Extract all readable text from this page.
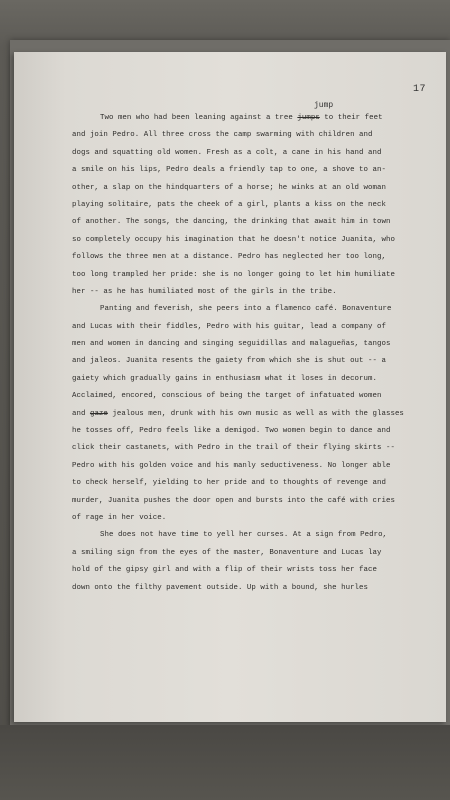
17
jump
Two men who had been leaning against a tree jumps to their feet
and join Pedro. All three cross the camp swarming with children and
dogs and squatting old women. Fresh as a colt, a cane in his hand and
a smile on his lips, Pedro deals a friendly tap to one, a shove to an-
other, a slap on the hindquarters of a horse; he winks at an old woman
playing solitaire, pats the cheek of a girl, plants a kiss on the neck
of another. The songs, the dancing, the drinking that await him in town
so completely occupy his imagination that he doesn't notice Juanita, who
follows the three men at a distance. Pedro has neglected her too long,
too long trampled her pride: she is no longer going to let him humiliate
her -- as he has humiliated most of the girls in the tribe.
Panting and feverish, she peers into a flamenco café. Bonaventure
and Lucas with their fiddles, Pedro with his guitar, lead a company of
men and women in dancing and singing seguidillas and malagueñas, tangos
and jaleos. Juanita resents the gaiety from which she is shut out -- a
gaiety which gradually gains in enthusiasm what it loses in decorum.
Acclaimed, encored, conscious of being the target of infatuated women
and gaze jealous men, drunk with his own music as well as with the glasses
he tosses off, Pedro feels like a demigod. Two women begin to dance and
click their castanets, with Pedro in the trail of their flying skirts --
Pedro with his golden voice and his manly seductiveness. No longer able
to check herself, yielding to her pride and to thoughts of revenge and
murder, Juanita pushes the door open and bursts into the café with cries
of rage in her voice.
She does not have time to yell her curses. At a sign from Pedro,
a smiling sign from the eyes of the master, Bonaventure and Lucas lay
hold of the gipsy girl and with a flip of their wrists toss her face
down onto the filthy pavement outside. Up with a bound, she hurles
